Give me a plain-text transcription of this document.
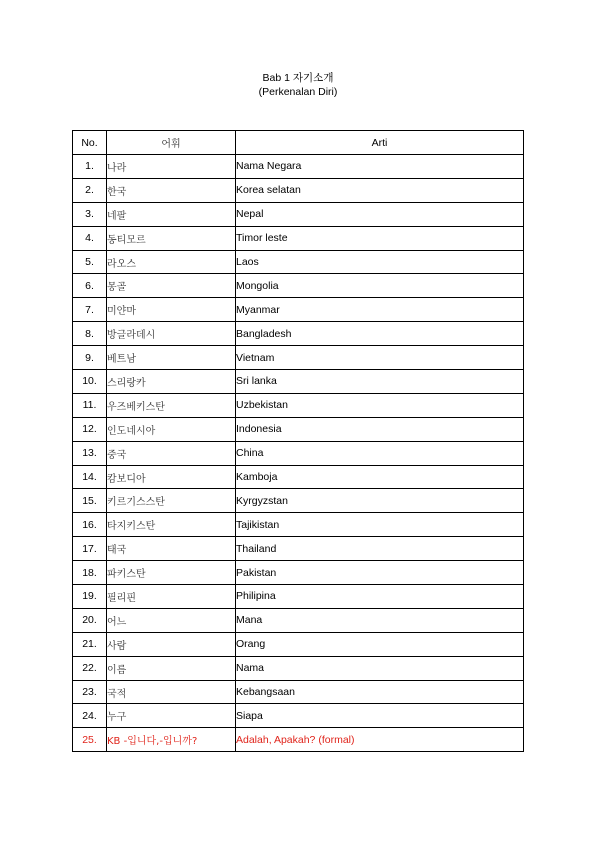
Bab 1 자기소개
(Perkenalan Diri)
No.	어휘	Arti
1.	나라	Nama Negara
2.	한국	Korea selatan
3.	네팔	Nepal
4.	동티모르	Timor leste
5.	라오스	Laos
6.	몽골	Mongolia
7.	미얀마	Myanmar
8.	방글라데시	Bangladesh
9.	베트남	Vietnam
10.	스리랑카	Sri lanka
11.	우즈베키스탄	Uzbekistan
12.	인도네시아	Indonesia
13.	중국	China
14.	캄보디아	Kamboja
15.	키르기스스탄	Kyrgyzstan
16.	타지키스탄	Tajikistan
17.	태국	Thailand
18.	파키스탄	Pakistan
19.	필리핀	Philipina
20.	어느	Mana
21.	사람	Orang
22.	이름	Nama
23.	국적	Kebangsaan
24.	누구	Siapa
25.	KB -입니다,-입니까?	Adalah, Apakah? (formal)
